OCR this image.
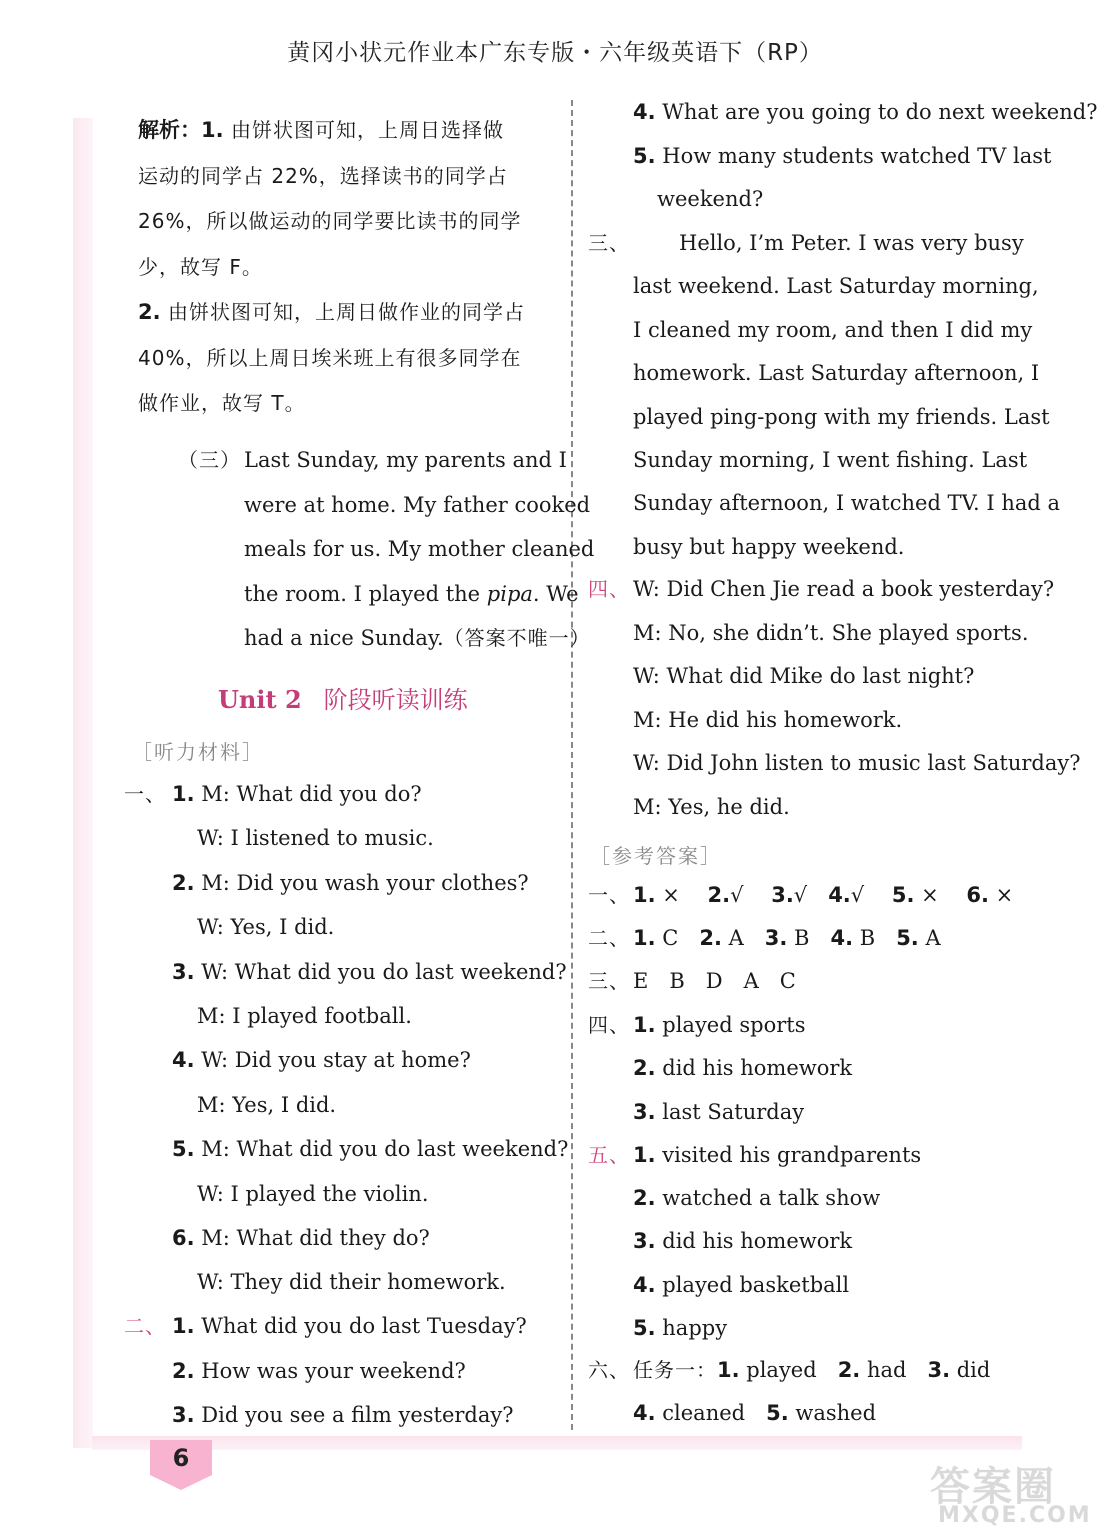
黄冈小状元作业本广东专版・六年级英语下（RP）
Unit 2 阶段听读训练
［听力材料］
［参考答案］
（三）
一、
二、
三、
四、
一、
二、
三、
四、
五、
六、
解析：1. 由饼状图可知，上周日选择做
运动的同学占 22%，选择读书的同学占
26%，所以做运动的同学要比读书的同学
少，故写 F。
2. 由饼状图可知，上周日做作业的同学占
40%，所以上周日埃米班上有很多同学在
做作业，故写 T。
Last Sunday, my parents and I
were at home. My father cooked
meals for us. My mother cleaned
the room. I played the pipa. We
had a nice Sunday.（答案不唯一）
1. M: What did you do?
W: I listened to music.
2. M: Did you wash your clothes?
W: Yes, I did.
3. W: What did you do last weekend?
M: I played football.
4. W: Did you stay at home?
M: Yes, I did.
5. M: What did you do last weekend?
W: I played the violin.
6. M: What did they do?
W: They did their homework.
1. What did you do last Tuesday?
2. How was your weekend?
3. Did you see a film yesterday?
4. What are you going to do next weekend?
5. How many students watched TV last
weekend?
Hello, I’m Peter. I was very busy
last weekend. Last Saturday morning,
I cleaned my room, and then I did my
homework. Last Saturday afternoon, I
played ping-pong with my friends. Last
Sunday morning, I went fishing. Last
Sunday afternoon, I watched TV. I had a
busy but happy weekend.
W: Did Chen Jie read a book yesterday?
M: No, she didn’t. She played sports.
W: What did Mike do last night?
M: He did his homework.
W: Did John listen to music last Saturday?
M: Yes, he did.
1. ×　 2.√　 3.√　4.√　 5. ×　 6. ×
1. C　2. A　3. B　4. B　5. A
E　B　D　A　C
1. played sports
2. did his homework
3. last Saturday
1. visited his grandparents
2. watched a talk show
3. did his homework
4. played basketball
5. happy
任务一：1. played　2. had　3. did
4. cleaned　5. washed
6
答案圈
MXQE.COM
